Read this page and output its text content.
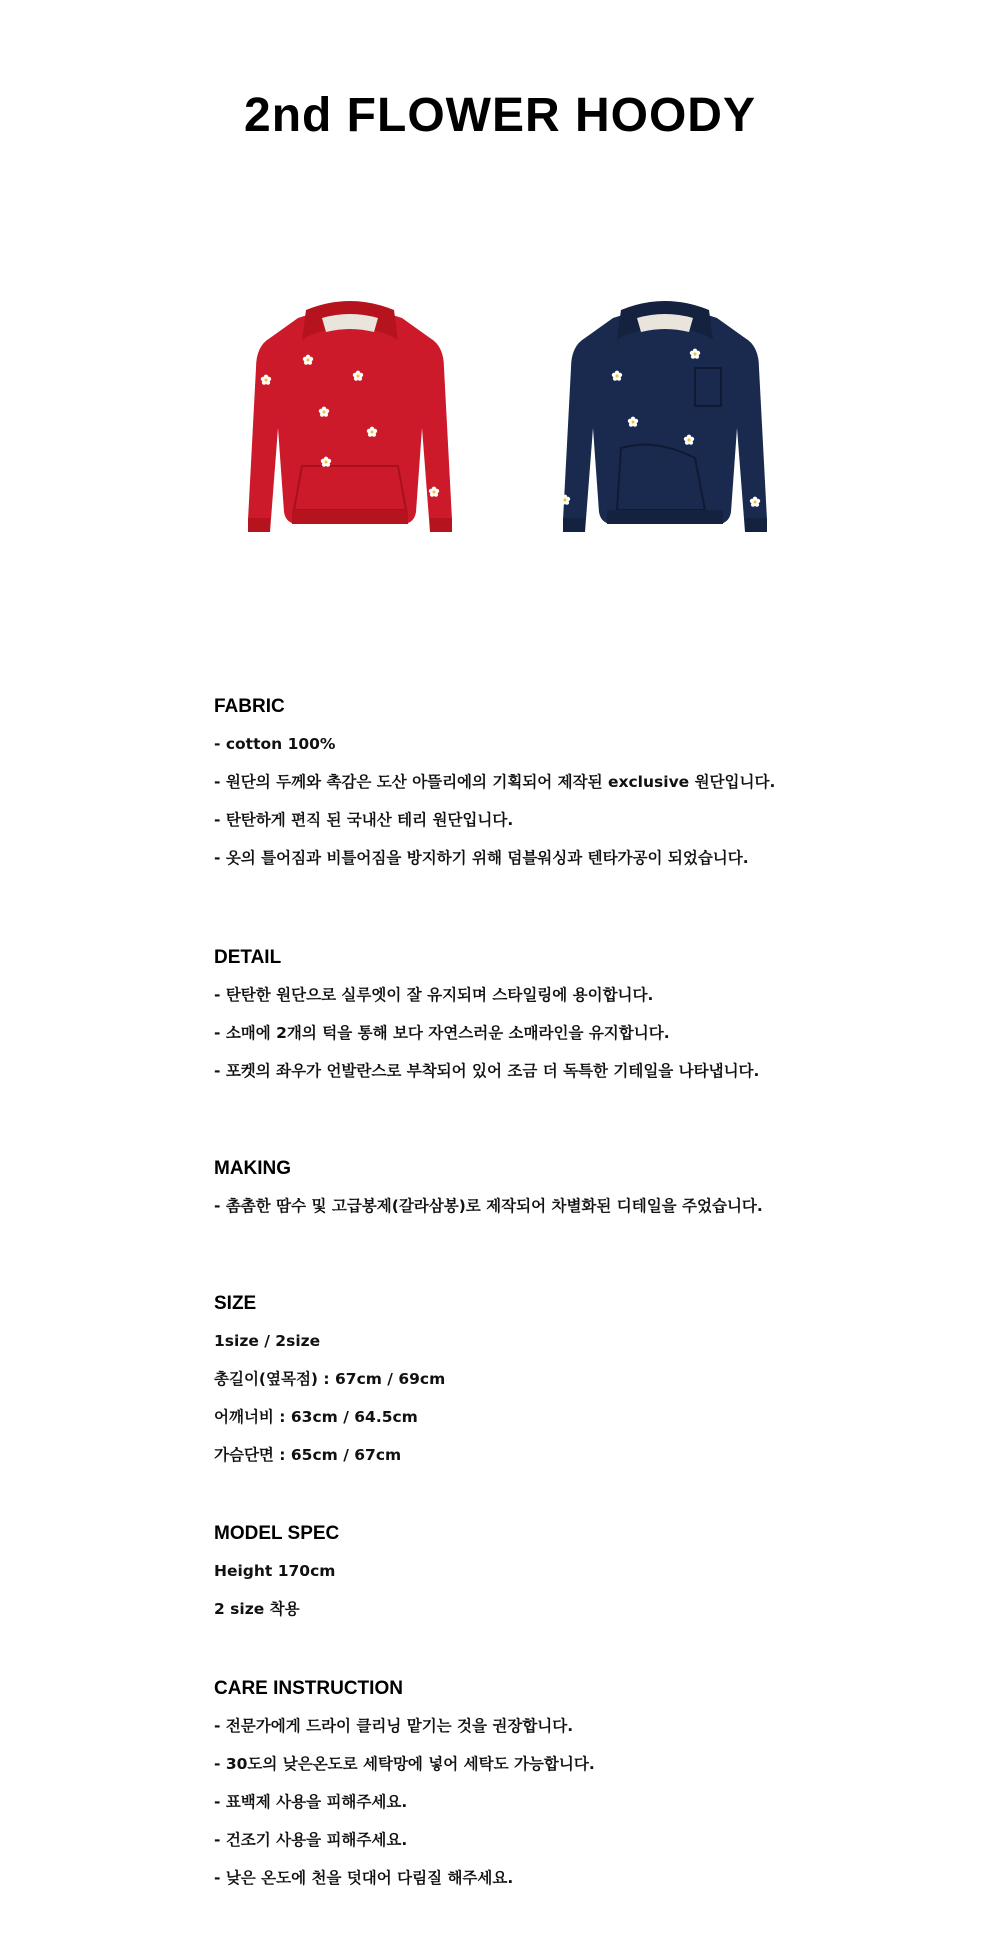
2nd FLOWER HOODY
FABRIC
- cotton 100%
- 원단의 두께와 촉감은 도산 아뜰리에의 기획되어 제작된 exclusive 원단입니다.
- 탄탄하게 편직 된 국내산 테리 원단입니다.
- 옷의 틀어짐과 비틀어짐을 방지하기 위해 덤블워싱과 텐타가공이 되었습니다.
DETAIL
- 탄탄한 원단으로 실루엣이 잘 유지되며 스타일링에 용이합니다.
- 소매에 2개의 턱을 통해 보다 자연스러운 소매라인을 유지합니다.
- 포켓의 좌우가 언발란스로 부착되어 있어 조금 더 독특한 기테일을 나타냅니다.
MAKING
- 촘촘한 땀수 및 고급봉제(갈라삼봉)로 제작되어 차별화된 디테일을 주었습니다.
SIZE
1size / 2size
총길이(옆목점) : 67cm / 69cm
어깨너비 : 63cm / 64.5cm
가슴단면 : 65cm / 67cm
MODEL SPEC
Height 170cm
2 size 착용
CARE INSTRUCTION
- 전문가에게 드라이 클리닝 맡기는 것을 권장합니다.
- 30도의 낮은온도로 세탁망에 넣어 세탁도 가능합니다.
- 표백제 사용을 피해주세요.
- 건조기 사용을 피해주세요.
- 낮은 온도에 천을 덧대어 다림질 해주세요.
